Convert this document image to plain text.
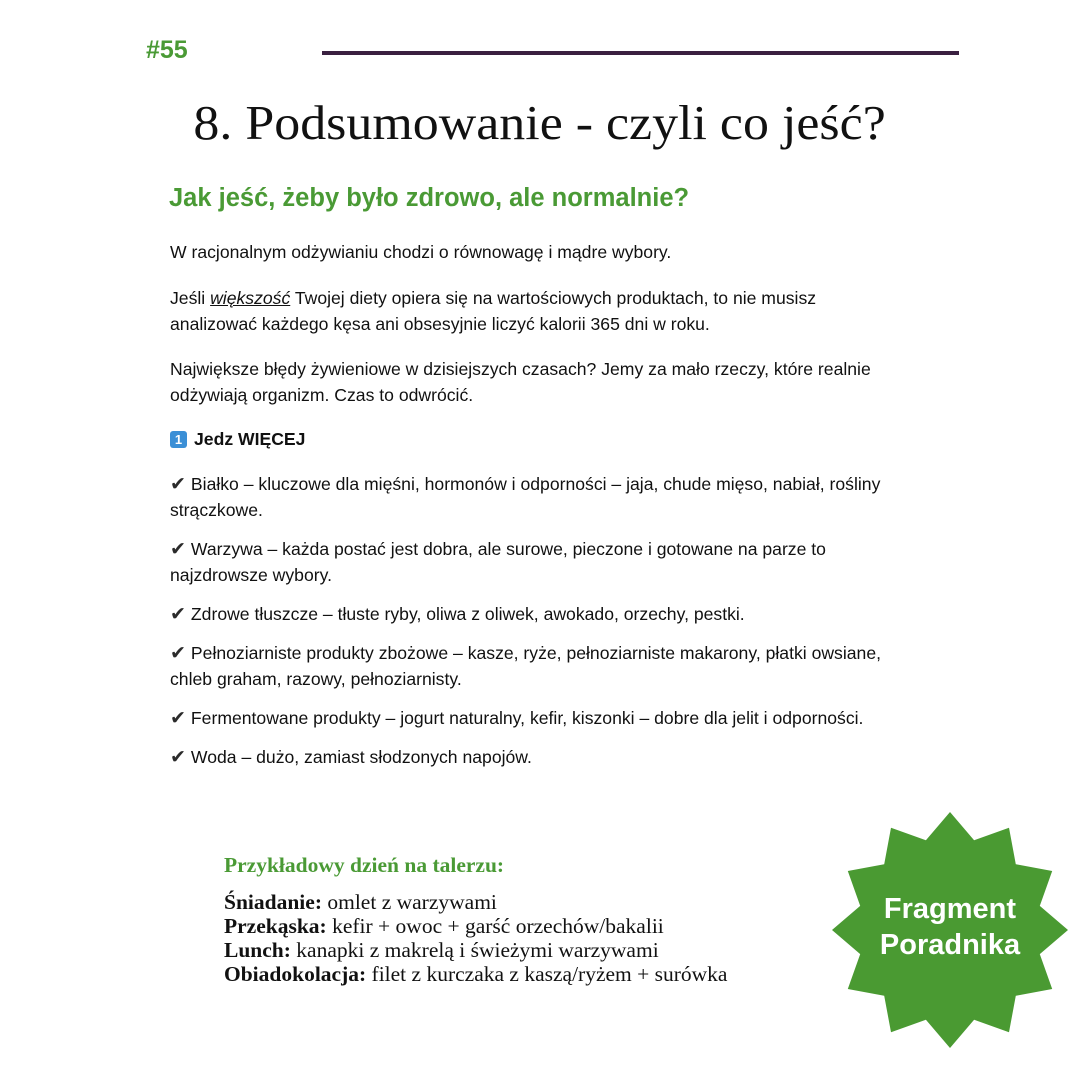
#55
8. Podsumowanie - czyli co jeść?
Jak jeść, żeby było zdrowo, ale normalnie?

W racjonalnym odżywianiu chodzi o równowagę i mądre wybory.

Jeśli większość Twojej diety opiera się na wartościowych produktach, to nie musisz analizować każdego kęsa ani obsesyjnie liczyć kalorii 365 dni w roku.

Największe błędy żywieniowe w dzisiejszych czasach? Jemy za mało rzeczy, które realnie odżywiają organizm. Czas to odwrócić.

1 Jedz WIĘCEJ

✔ Białko – kluczowe dla mięśni, hormonów i odporności – jaja, chude mięso, nabiał, rośliny strączkowe.

✔ Warzywa – każda postać jest dobra, ale surowe, pieczone i gotowane na parze to najzdrowsze wybory.

✔ Zdrowe tłuszcze – tłuste ryby, oliwa z oliwek, awokado, orzechy, pestki.

✔ Pełnoziarniste produkty zbożowe – kasze, ryże, pełnoziarniste makarony, płatki owsiane, chleb graham, razowy, pełnoziarnisty.

✔ Fermentowane produkty – jogurt naturalny, kefir, kiszonki – dobre dla jelit i odporności.

✔ Woda – dużo, zamiast słodzonych napojów.

Przykładowy dzień na talerzu:
Śniadanie: omlet z warzywami
Przekąska: kefir + owoc + garść orzechów/bakalii
Lunch: kanapki z makrelą i świeżymi warzywami
Obiadokolacja: filet z kurczaka z kaszą/ryżem + surówka
Fragment
Poradnika
